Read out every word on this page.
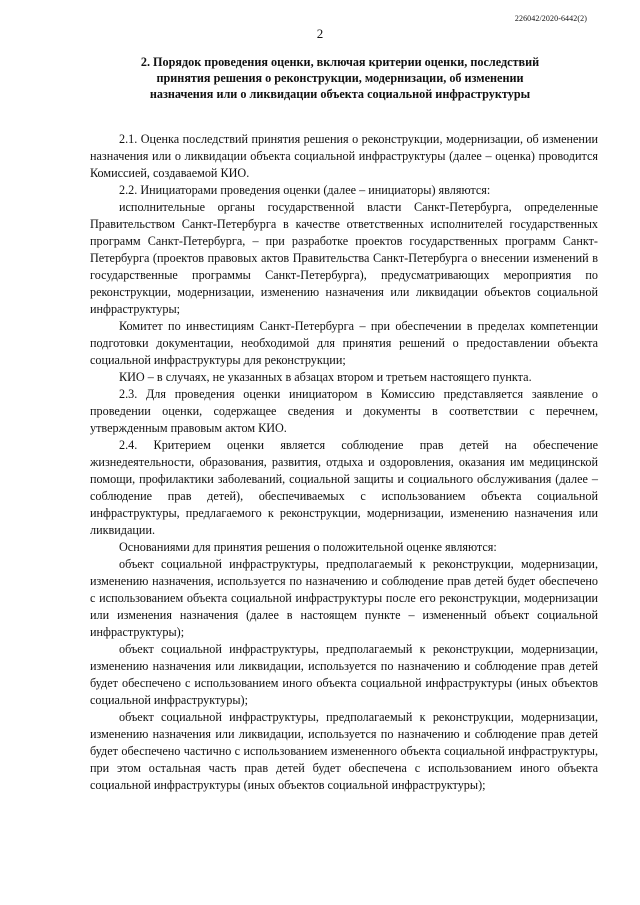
226042/2020-6442(2)
2
2. Порядок проведения оценки, включая критерии оценки, последствий принятия решения о реконструкции, модернизации, об изменении назначения или о ликвидации объекта социальной инфраструктуры

2.1. Оценка последствий принятия решения о реконструкции, модернизации, об изменении назначения или о ликвидации объекта социальной инфраструктуры (далее – оценка) проводится Комиссией, создаваемой КИО.

2.2. Инициаторами проведения оценки (далее – инициаторы) являются:

исполнительные органы государственной власти Санкт-Петербурга, определенные Правительством Санкт-Петербурга в качестве ответственных исполнителей государственных программ Санкт-Петербурга, – при разработке проектов государственных программ Санкт-Петербурга (проектов правовых актов Правительства Санкт-Петербурга о внесении изменений в государственные программы Санкт-Петербурга), предусматривающих мероприятия по реконструкции, модернизации, изменению назначения или ликвидации объектов социальной инфраструктуры;

Комитет по инвестициям Санкт-Петербурга – при обеспечении в пределах компетенции подготовки документации, необходимой для принятия решений о предоставлении объекта социальной инфраструктуры для реконструкции;

КИО – в случаях, не указанных в абзацах втором и третьем настоящего пункта.

2.3. Для проведения оценки инициатором в Комиссию представляется заявление о проведении оценки, содержащее сведения и документы в соответствии с перечнем, утвержденным правовым актом КИО.

2.4. Критерием оценки является соблюдение прав детей на обеспечение жизнедеятельности, образования, развития, отдыха и оздоровления, оказания им медицинской помощи, профилактики заболеваний, социальной защиты и социального обслуживания (далее – соблюдение прав детей), обеспечиваемых с использованием объекта социальной инфраструктуры, предлагаемого к реконструкции, модернизации, изменению назначения или ликвидации.

Основаниями для принятия решения о положительной оценке являются:

объект социальной инфраструктуры, предполагаемый к реконструкции, модернизации, изменению назначения, используется по назначению и соблюдение прав детей будет обеспечено с использованием объекта социальной инфраструктуры после его реконструкции, модернизации или изменения назначения (далее в настоящем пункте – измененный объект социальной инфраструктуры);

объект социальной инфраструктуры, предполагаемый к реконструкции, модернизации, изменению назначения или ликвидации, используется по назначению и соблюдение прав детей будет обеспечено с использованием иного объекта социальной инфраструктуры (иных объектов социальной инфраструктуры);

объект социальной инфраструктуры, предполагаемый к реконструкции, модернизации, изменению назначения или ликвидации, используется по назначению и соблюдение прав детей будет обеспечено частично с использованием измененного объекта социальной инфраструктуры, при этом остальная часть прав детей будет обеспечена с использованием иного объекта социальной инфраструктуры (иных объектов социальной инфраструктуры);
